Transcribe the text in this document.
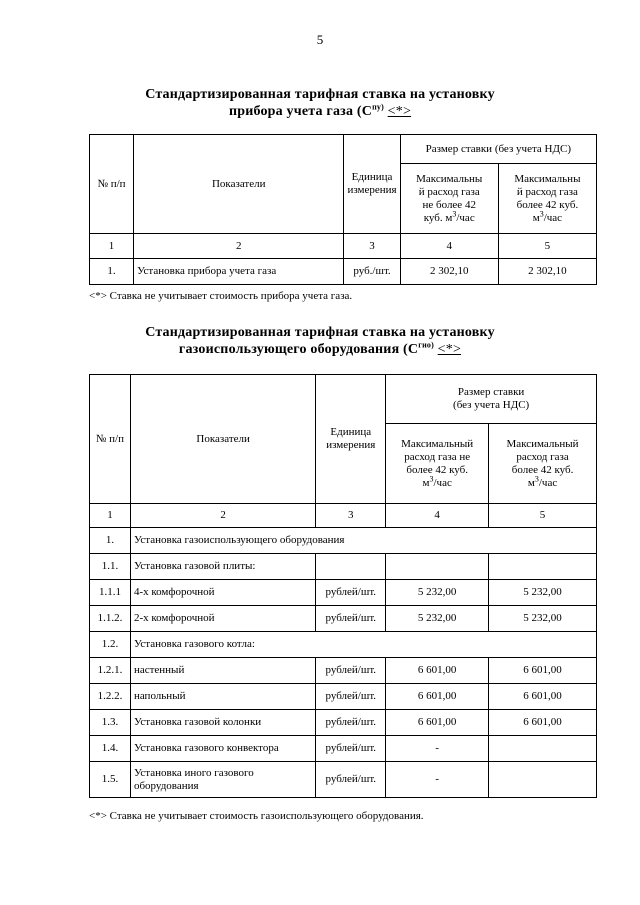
5
Стандартизированная тарифная ставка на установку
прибора учета газа ($С^{пу)}$ <*>
№ п/п	Показатели	Единица измерения	Размер ставки (без учета НДС)	
			Максимальны
й расход газа
не более 42
куб. $м^3$/час	Максимальны
й расход газа
более 42 куб.
$м^3$/час
1	2	3	4	5
1.	Установка прибора учета газа	руб./шт.	2 302,10	2 302,10
<*> Ставка не учитывает стоимость прибора учета газа.
Стандартизированная тарифная ставка на установку
газоиспользующего оборудования ($С^{гио)}$ <*>
№ п/п	Показатели	Единица измерения	Размер ставки
(без учета НДС)	

			Максимальный
расход газа не
более 42 куб.
$м^3$/час	Максимальный
расход газа
более 42 куб.
$м^3$/час
1	2	3	4	5
1.	Установка газоиспользующего оборудования			
1.1.	Установка газовой плиты:			
1.1.1	4-х комфорочной	рублей/шт.	5 232,00	5 232,00
1.1.2.	2-х комфорочной	рублей/шт.	5 232,00	5 232,00
1.2.	Установка газового котла:			
1.2.1.	настенный	рублей/шт.	6 601,00	6 601,00
1.2.2.	напольный	рублей/шт.	6 601,00	6 601,00
1.3.	Установка газовой колонки	рублей/шт.	6 601,00	6 601,00
1.4.	Установка газового конвектора	рублей/шт.	-	
1.5.	Установка иного газового оборудования	рублей/шт.	-	
<*> Ставка не учитывает стоимость газоиспользующего оборудования.
